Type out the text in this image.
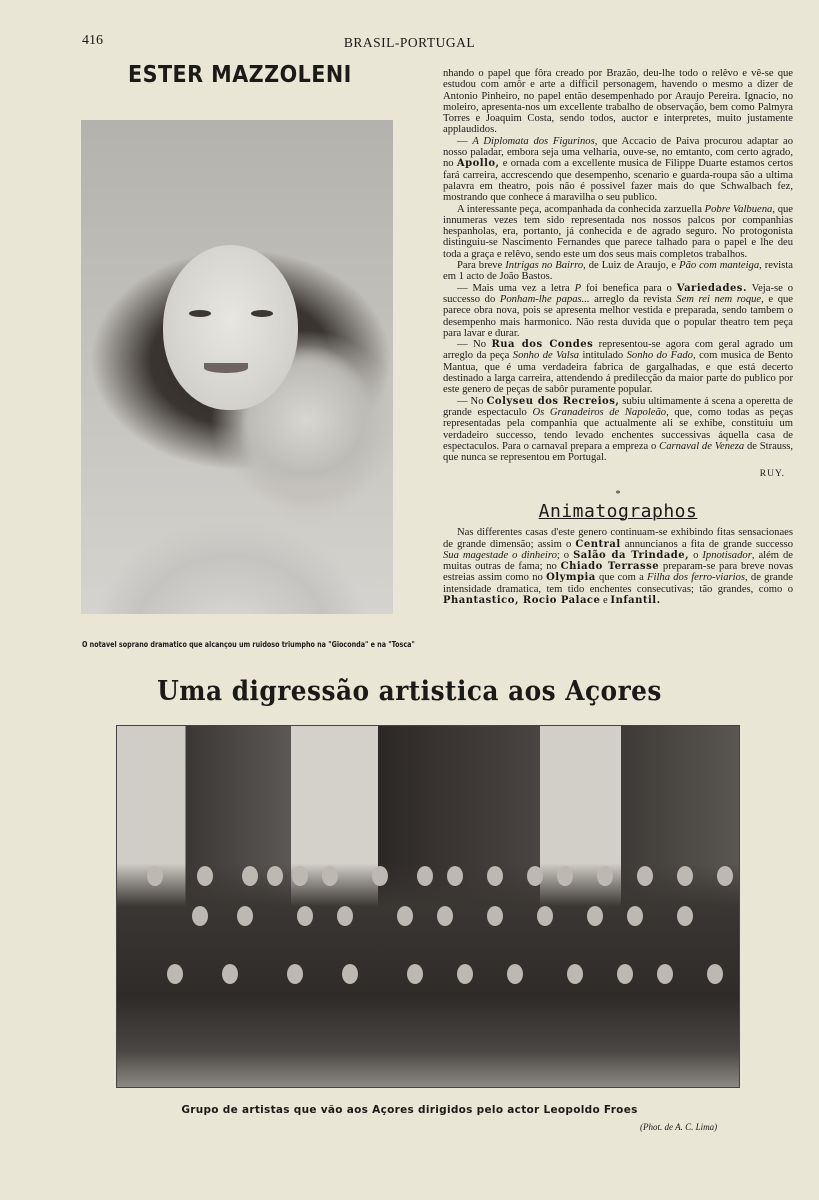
416	BRASIL-PORTUGAL
ESTER MAZZOLENI
O notavel soprano dramatico que alcançou um ruidoso triumpho na "Gioconda" e na "Tosca"

nhando o papel que fôra creado por Brazão, deu-lhe todo o relêvo e vê-se que estudou com amôr e arte a difficil personagem, havendo o mesmo a dizer de Antonio Pinheiro, no papel então desempenhado por Araujo Pereira. Ignacio, no moleiro, apresenta-nos um excellente trabalho de observação, bem como Palmyra Torres e Joaquim Costa, sendo todos, auctor e interpretes, muito justamente applaudidos.

— A Diplomata dos Figurinos, que Accacio de Paiva procurou adaptar ao nosso paladar, embora seja uma velharia, ouve-se, no emtanto, com certo agrado, no Apollo, e ornada com a excellente musica de Filippe Duarte estamos certos fará carreira, accrescendo que desempenho, scenario e guarda-roupa são a ultima palavra em theatro, pois não é possivel fazer mais do que Schwalbach fez, mostrando que conhece á maravilha o seu publico.

A interessante peça, acompanhada da conhecida zarzuella Pobre Valbuena, que innumeras vezes tem sido representada nos nossos palcos por companhias hespanholas, era, portanto, já conhecida e de agrado seguro. No protogonista distinguiu-se Nascimento Fernandes que parece talhado para o papel e lhe deu toda a graça e relêvo, sendo este um dos seus mais completos trabalhos.

Para breve Intrigas no Bairro, de Luiz de Araujo, e Pão com manteiga, revista em 1 acto de João Bastos.

— Mais uma vez a letra P foi benefica para o Variedades. Veja-se o successo do Ponham-lhe papas... arreglo da revista Sem rei nem roque, e que parece obra nova, pois se apresenta melhor vestida e preparada, sendo tambem o desempenho mais harmonico. Não resta duvida que o popular theatro tem peça para lavar e durar.

— No Rua dos Condes representou-se agora com geral agrado um arreglo da peça Sonho de Valsa intitulado Sonho do Fado, com musica de Bento Mantua, que é uma verdadeira fabrica de gargalhadas, e que está decerto destinado a larga carreira, attendendo á predilecção da maior parte do publico por este genero de peças de sabôr puramente popular.

— No Colyseu dos Recreios, subiu ultimamente á scena a operetta de grande espectaculo Os Granadeiros de Napoleão, que, como todas as peças representadas pela companhia que actualmente ali se exhibe, constituiu um verdadeiro successo, tendo levado enchentes successivas áquella casa de espectaculos. Para o carnaval prepara a empreza o Carnaval de Veneza de Strauss, que nunca se representou em Portugal.

RUY.
*
Animatographos

Nas differentes casas d'este genero continuam-se exhibindo fitas sensacionaes de grande dimensão; assim o Central annuncianos a fita de grande successo Sua magestade o dinheiro; o Salão da Trindade, o Ipnotisador, além de muitas outras de fama; no Chiado Terrasse preparam-se para breve novas estreias assim como no Olympia que com a Filha dos ferro-viarios, de grande intensidade dramatica, tem tido enchentes consecutivas; tão grandes, como o Phantastico, Rocio Palace e Infantil.

Uma digressão artistica aos Açores
Grupo de artistas que vão aos Açores dirigidos pelo actor Leopoldo Froes
(Phot. de A. C. Lima)
